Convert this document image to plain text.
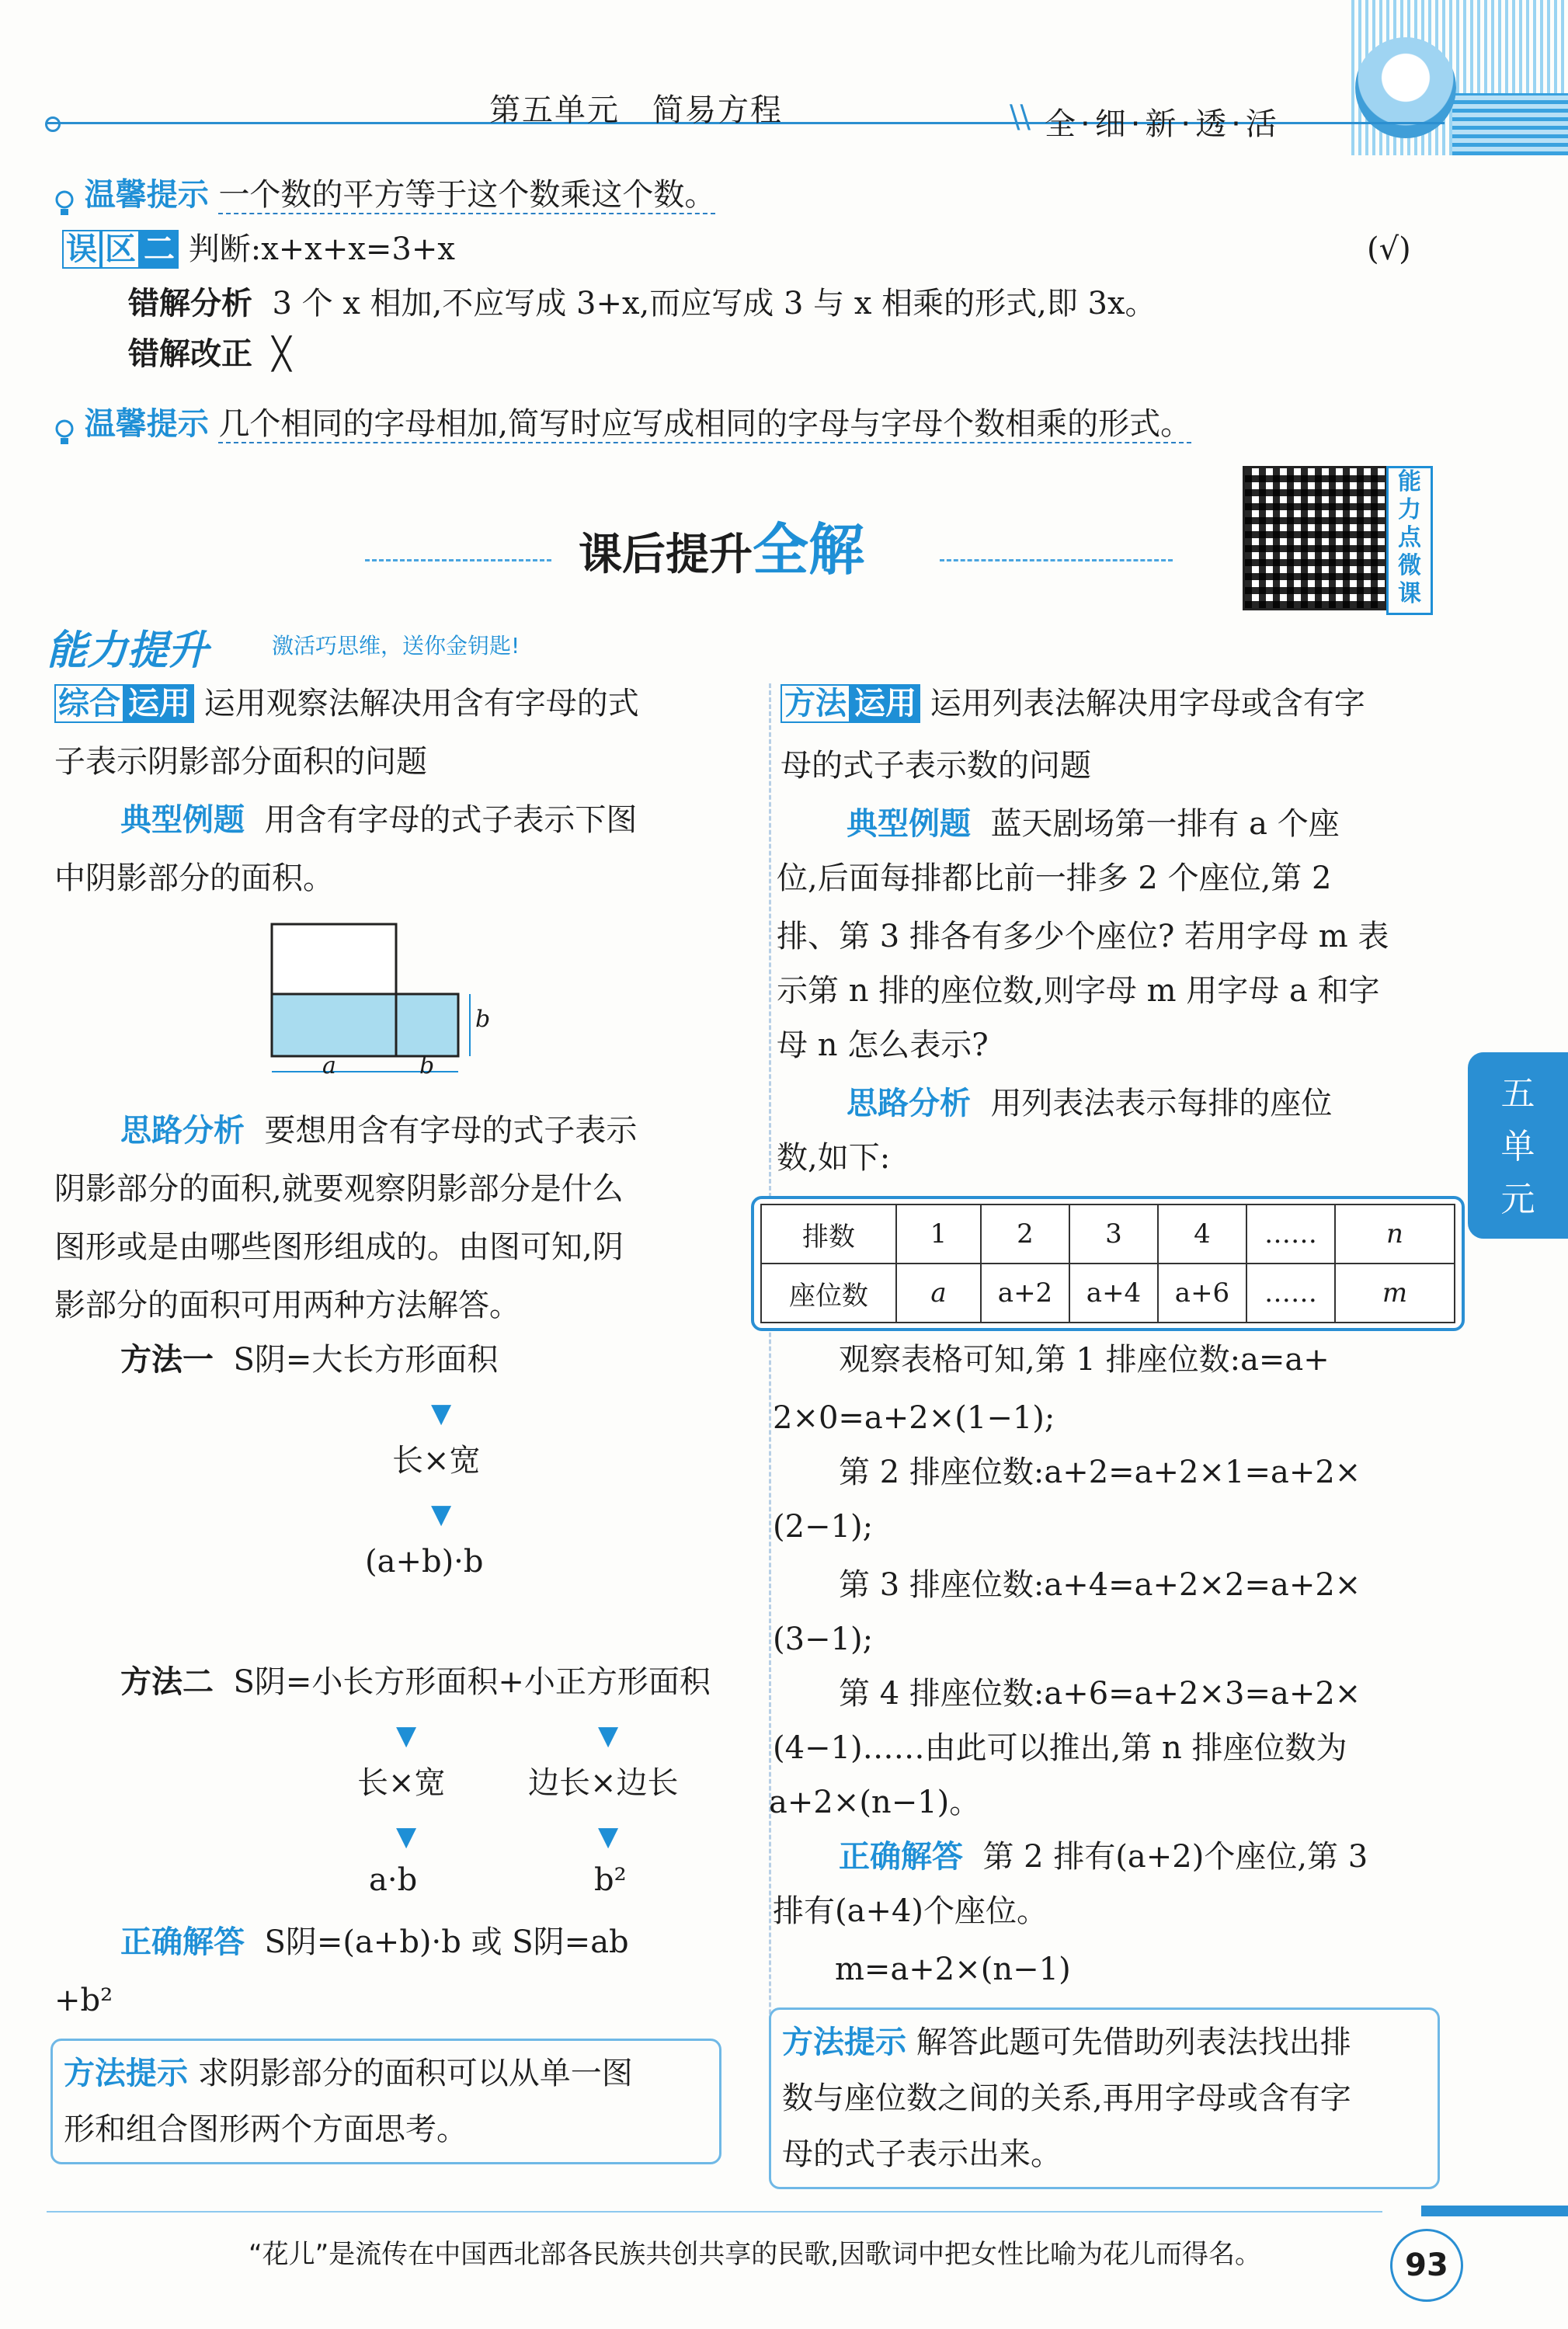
第五单元　简易方程	\\ 全·细·新·透·活
温馨提示 一个数的平方等于这个数乘这个数。
误 区 二 判断:x+x+x=3+x	(√)
错解分析 3 个 x 相加,不应写成 3+x,而应写成 3 与 x 相乘的形式,即 3x。
错解改正 ╳
温馨提示 几个相同的字母相加,简写时应写成相同的字母与字母个数相乘的形式。
课后提升全解
能
力
点
微
课
能力提升	激活巧思维，送你金钥匙!
综合 运用 运用观察法解决用含有字母的式
子表示阴影部分面积的问题
典型例题 用含有字母的式子表示下图
中阴影部分的面积。
a	b
b
思路分析 要想用含有字母的式子表示
阴影部分的面积,就要观察阴影部分是什么
图形或是由哪些图形组成的。由图可知,阴
影部分的面积可用两种方法解答。
方法一 S阴=大长方形面积
▼
长×宽
▼
(a+b)·b
方法二 S阴=小长方形面积+小正方形面积
▼	▼
长×宽	边长×边长
▼	▼
a·b	b²
正确解答 S阴=(a+b)·b 或 S阴=ab
+b²
方法提示 求阴影部分的面积可以从单一图
形和组合图形两个方面思考。
方法 运用 运用列表法解决用字母或含有字
母的式子表示数的问题
典型例题 蓝天剧场第一排有 a 个座
位,后面每排都比前一排多 2 个座位,第 2
排、第 3 排各有多少个座位? 若用字母 m 表
示第 n 排的座位数,则字母 m 用字母 a 和字
母 n 怎么表示?
思路分析 用列表法表示每排的座位
数,如下:
排数	1	2	3	4	……	n
座位数	a	a+2	a+4	a+6	……	m
观察表格可知,第 1 排座位数:a=a+
2×0=a+2×(1−1);
第 2 排座位数:a+2=a+2×1=a+2×
(2−1);
第 3 排座位数:a+4=a+2×2=a+2×
(3−1);
第 4 排座位数:a+6=a+2×3=a+2×
(4−1)……由此可以推出,第 n 排座位数为
a+2×(n−1)。
正确解答 第 2 排有(a+2)个座位,第 3
排有(a+4)个座位。
m=a+2×(n−1)
方法提示 解答此题可先借助列表法找出排
数与座位数之间的关系,再用字母或含有字
母的式子表示出来。
五
单
元
“花儿”是流传在中国西北部各民族共创共享的民歌,因歌词中把女性比喻为花儿而得名。	93
